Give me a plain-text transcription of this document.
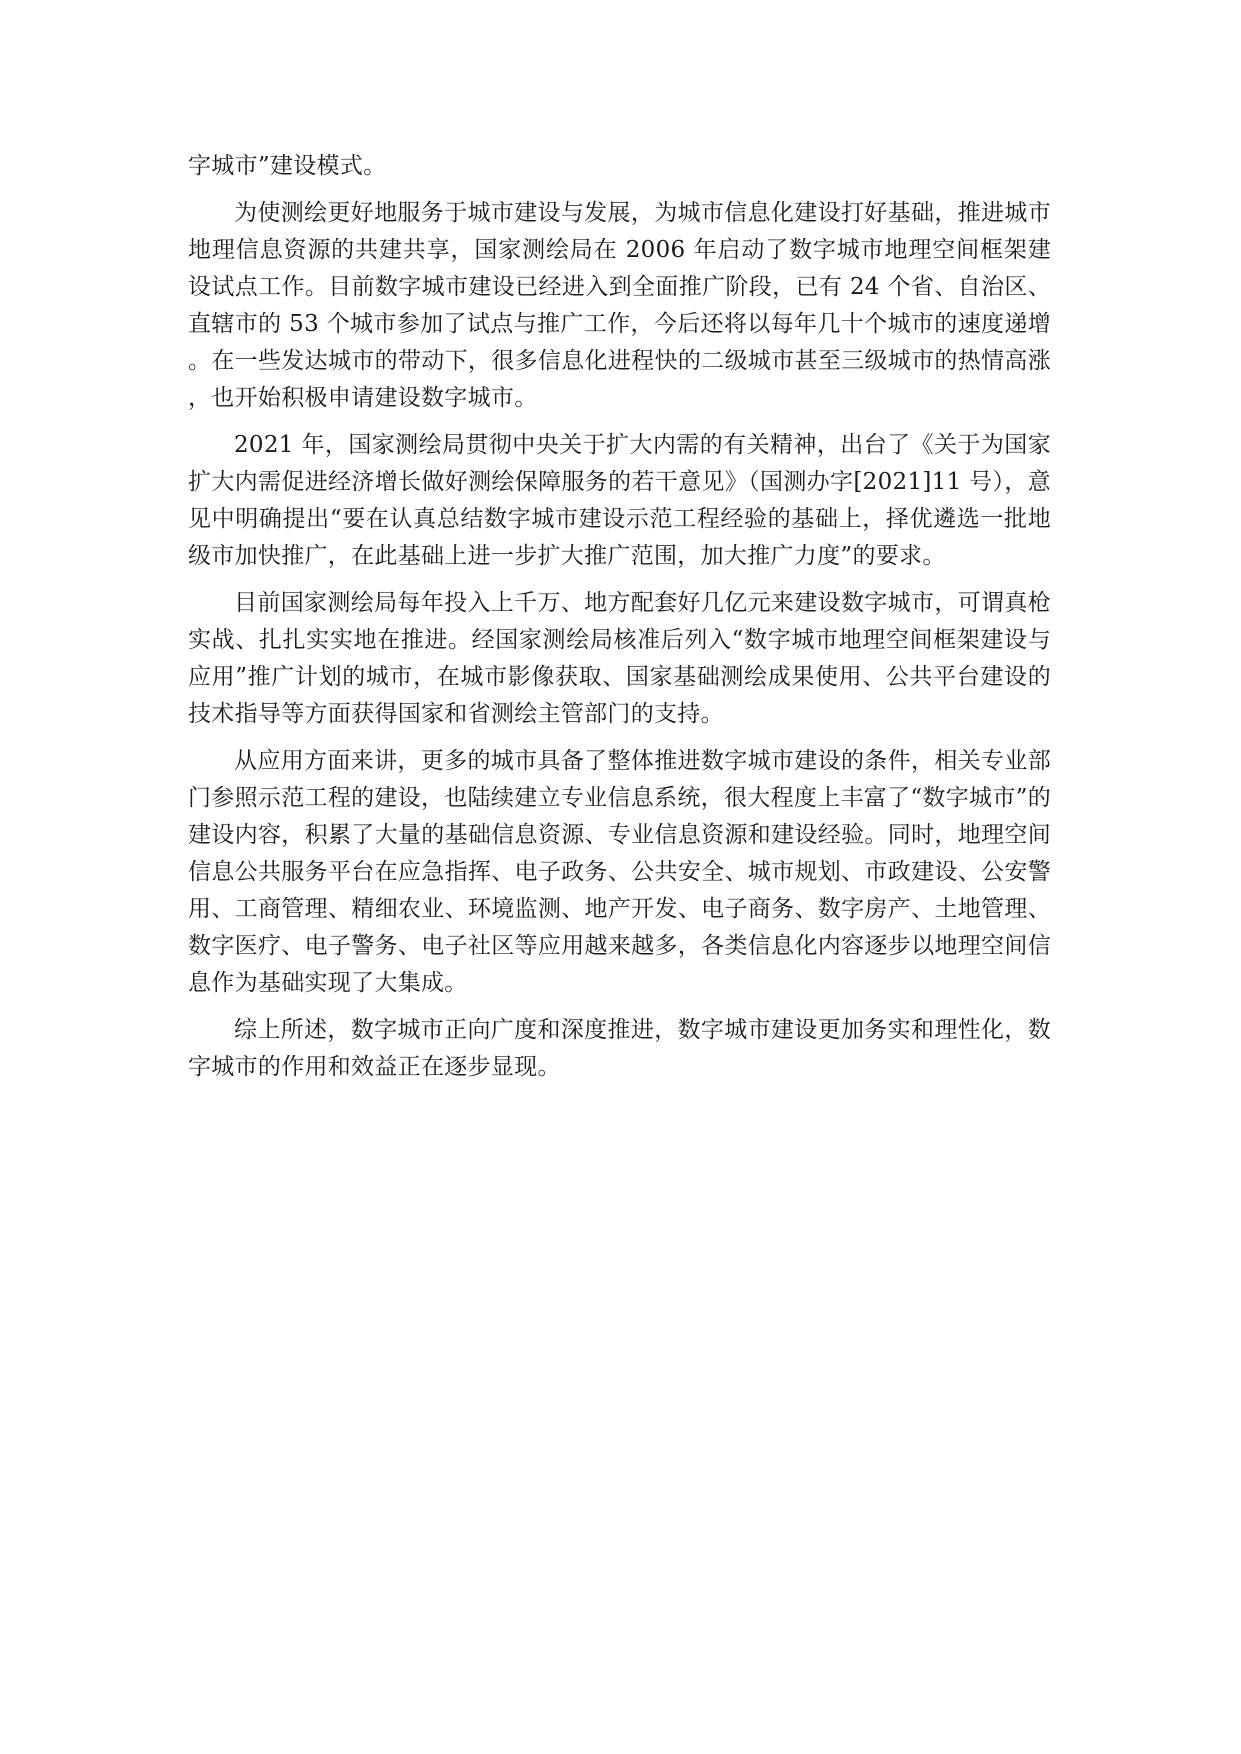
字城市”建设模式。

为使测绘更好地服务于城市建设与发展，为城市信息化建设打好基础，推进城市地理信息资源的共建共享，国家测绘局在 2006 年启动了数字城市地理空间框架建设试点工作。目前数字城市建设已经进入到全面推广阶段，已有 24 个省、自治区、直辖市的 53 个城市参加了试点与推广工作，今后还将以每年几十个城市的速度递增。在一些发达城市的带动下，很多信息化进程快的二级城市甚至三级城市的热情高涨，也开始积极申请建设数字城市。

2021 年，国家测绘局贯彻中央关于扩大内需的有关精神，出台了《关于为国家扩大内需促进经济增长做好测绘保障服务的若干意见》（国测办字[2021]11 号），意见中明确提出“要在认真总结数字城市建设示范工程经验的基础上，择优遴选一批地级市加快推广，在此基础上进一步扩大推广范围，加大推广力度”的要求。

目前国家测绘局每年投入上千万、地方配套好几亿元来建设数字城市，可谓真枪实战、扎扎实实地在推进。经国家测绘局核准后列入“数字城市地理空间框架建设与应用”推广计划的城市，在城市影像获取、国家基础测绘成果使用、公共平台建设的技术指导等方面获得国家和省测绘主管部门的支持。

从应用方面来讲，更多的城市具备了整体推进数字城市建设的条件，相关专业部门参照示范工程的建设，也陆续建立专业信息系统，很大程度上丰富了“数字城市”的建设内容，积累了大量的基础信息资源、专业信息资源和建设经验。同时，地理空间信息公共服务平台在应急指挥、电子政务、公共安全、城市规划、市政建设、公安警用、工商管理、精细农业、环境监测、地产开发、电子商务、数字房产、土地管理、数字医疗、电子警务、电子社区等应用越来越多，各类信息化内容逐步以地理空间信息作为基础实现了大集成。

综上所述，数字城市正向广度和深度推进，数字城市建设更加务实和理性化，数字城市的作用和效益正在逐步显现。
